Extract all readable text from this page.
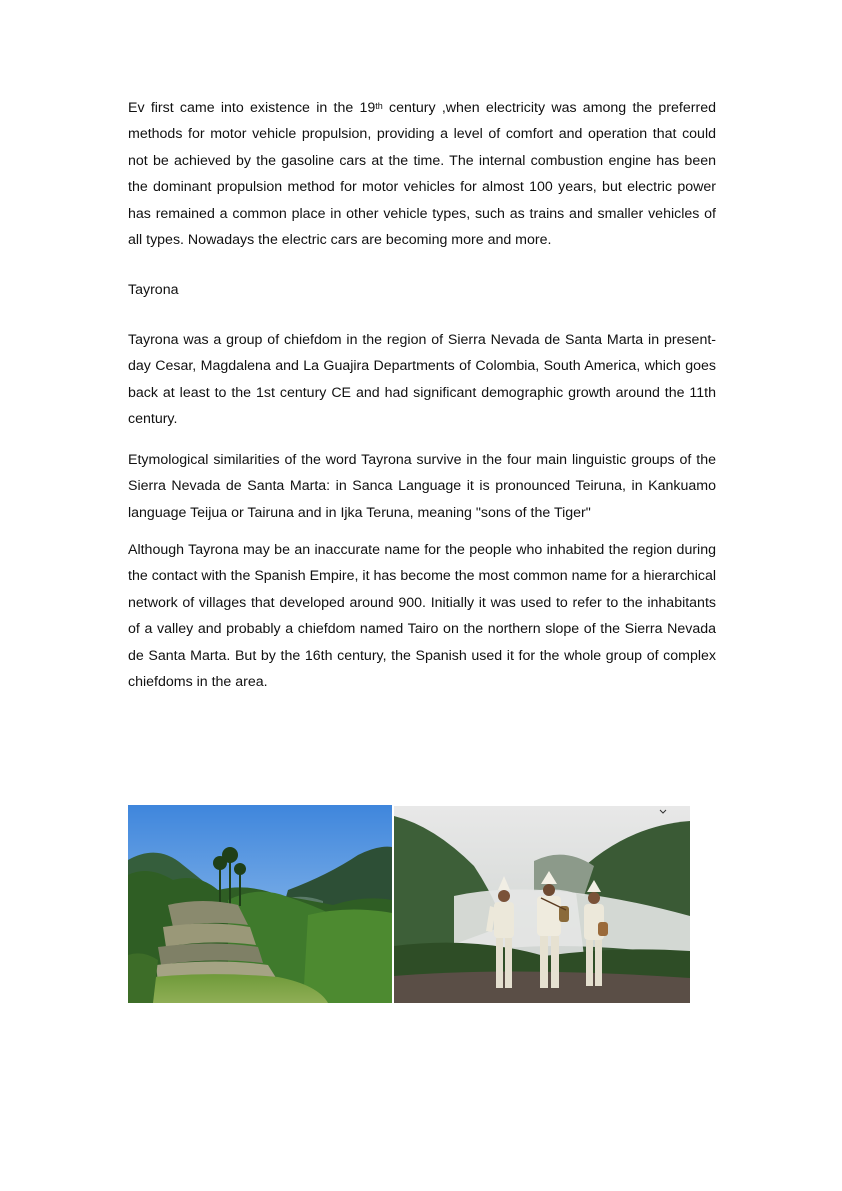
Ev first came into existence in the 19th century ,when electricity was among the preferred methods for motor vehicle propulsion, providing a level of comfort and operation that could not be achieved by the gasoline cars at the time. The internal combustion engine has been the dominant propulsion method for motor vehicles for almost 100 years, but electric power has remained a common place in other vehicle types, such as trains and smaller vehicles of all types. Nowadays the electric cars are becoming more and more.
Tayrona
Tayrona was a group of chiefdom in the region of Sierra Nevada de Santa Marta in present-day Cesar, Magdalena and La Guajira Departments of Colombia, South America, which goes back at least to the 1st century CE and had significant demographic growth around the 11th century.
Etymological similarities of the word Tayrona survive in the four main linguistic groups of the Sierra Nevada de Santa Marta: in Sanca Language it is pronounced Teiruna, in Kankuamo language Teijua or Tairuna and in Ijka Teruna, meaning "sons of the Tiger"
Although Tayrona may be an inaccurate name for the people who inhabited the region during the contact with the Spanish Empire, it has become the most common name for a hierarchical network of villages that developed around 900. Initially it was used to refer to the inhabitants of a valley and probably a chiefdom named Tairo on the northern slope of the Sierra Nevada de Santa Marta. But by the 16th century, the Spanish used it for the whole group of complex chiefdoms in the area.
